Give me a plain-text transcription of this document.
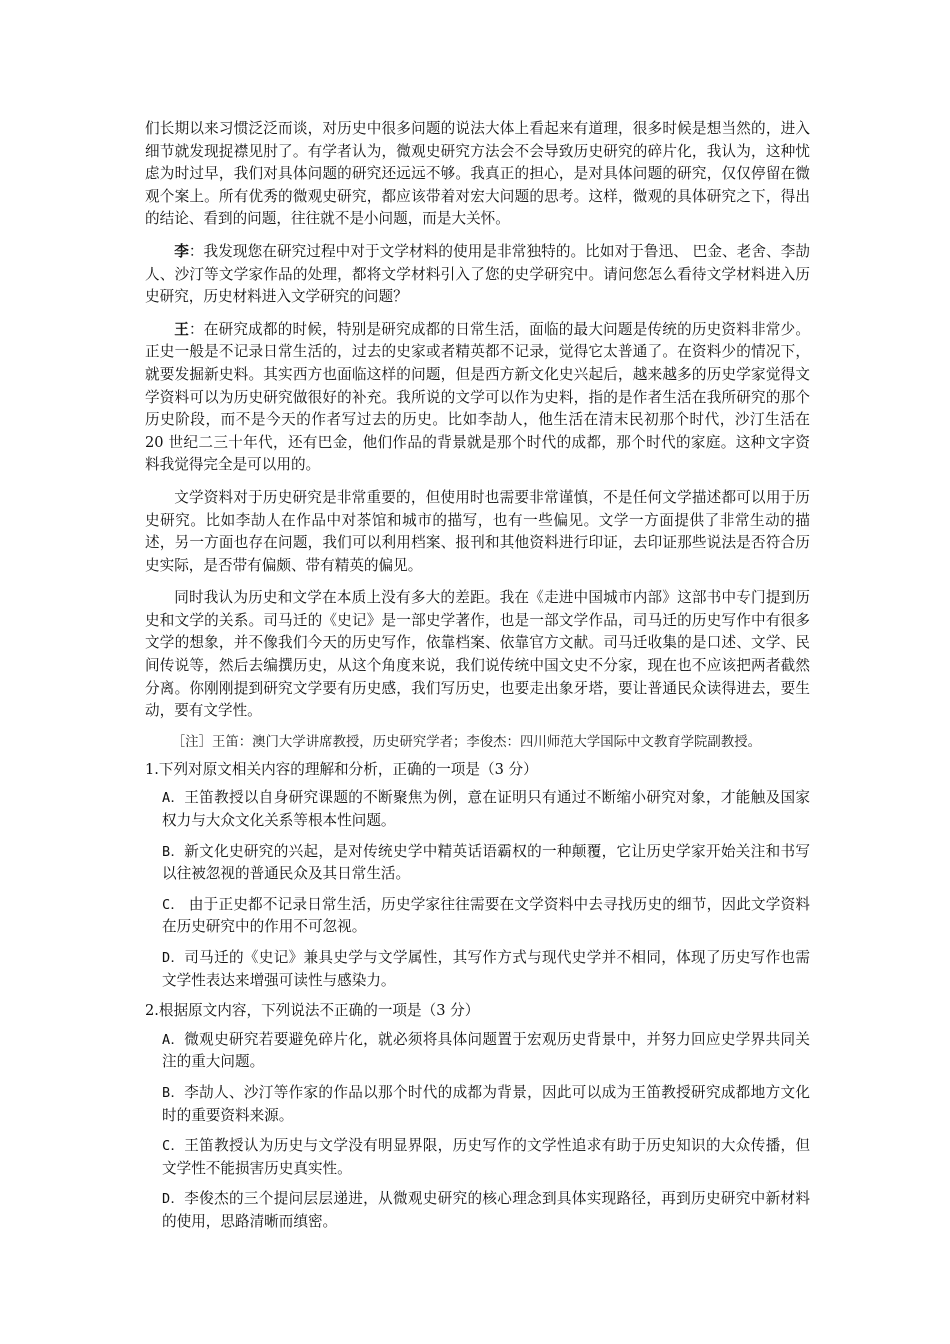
们长期以来习惯泛泛而谈，对历史中很多问题的说法大体上看起来有道理，很多时候是想当然的，进入细节就发现捉襟见肘了。有学者认为，微观史研究方法会不会导致历史研究的碎片化，我认为，这种忧虑为时过早，我们对具体问题的研究还远远不够。我真正的担心，是对具体问题的研究，仅仅停留在微观个案上。所有优秀的微观史研究，都应该带着对宏大问题的思考。这样，微观的具体研究之下，得出的结论、看到的问题，往往就不是小问题，而是大关怀。

李：我发现您在研究过程中对于文学材料的使用是非常独特的。比如对于鲁迅、 巴金、老舍、李劼人、沙汀等文学家作品的处理，都将文学材料引入了您的史学研究中。请问您怎么看待文学材料进入历史研究，历史材料进入文学研究的问题？

王：在研究成都的时候，特别是研究成都的日常生活，面临的最大问题是传统的历史资料非常少。正史一般是不记录日常生活的，过去的史家或者精英都不记录，觉得它太普通了。在资料少的情况下，就要发掘新史料。其实西方也面临这样的问题，但是西方新文化史兴起后，越来越多的历史学家觉得文学资料可以为历史研究做很好的补充。我所说的文学可以作为史料，指的是作者生活在我所研究的那个历史阶段，而不是今天的作者写过去的历史。比如李劼人，他生活在清末民初那个时代，沙汀生活在 20 世纪二三十年代，还有巴金，他们作品的背景就是那个时代的成都，那个时代的家庭。这种文字资料我觉得完全是可以用的。

文学资料对于历史研究是非常重要的，但使用时也需要非常谨慎，不是任何文学描述都可以用于历史研究。比如李劼人在作品中对茶馆和城市的描写，也有一些偏见。文学一方面提供了非常生动的描述，另一方面也存在问题，我们可以利用档案、报刊和其他资料进行印证，去印证那些说法是否符合历史实际，是否带有偏颇、带有精英的偏见。

同时我认为历史和文学在本质上没有多大的差距。我在《走进中国城市内部》这部书中专门提到历史和文学的关系。司马迁的《史记》是一部史学著作，也是一部文学作品，司马迁的历史写作中有很多文学的想象，并不像我们今天的历史写作，依靠档案、依靠官方文献。司马迁收集的是口述、文学、民间传说等，然后去编撰历史，从这个角度来说，我们说传统中国文史不分家，现在也不应该把两者截然分离。你刚刚提到研究文学要有历史感，我们写历史，也要走出象牙塔，要让普通民众读得进去，要生动，要有文学性。

［注］王笛：澳门大学讲席教授，历史研究学者；李俊杰：四川师范大学国际中文教育学院副教授。

1.下列对原文相关内容的理解和分析，正确的一项是（3 分）

A．王笛教授以自身研究课题的不断聚焦为例，意在证明只有通过不断缩小研究对象，才能触及国家权力与大众文化关系等根本性问题。

B．新文化史研究的兴起，是对传统史学中精英话语霸权的一种颠覆，它让历史学家开始关注和书写以往被忽视的普通民众及其日常生活。

C． 由于正史都不记录日常生活，历史学家往往需要在文学资料中去寻找历史的细节，因此文学资料在历史研究中的作用不可忽视。

D．司马迁的《史记》兼具史学与文学属性，其写作方式与现代史学并不相同，体现了历史写作也需文学性表达来增强可读性与感染力。

2.根据原文内容，下列说法不正确的一项是（3 分）

A．微观史研究若要避免碎片化，就必须将具体问题置于宏观历史背景中，并努力回应史学界共同关注的重大问题。

B．李劼人、沙汀等作家的作品以那个时代的成都为背景，因此可以成为王笛教授研究成都地方文化时的重要资料来源。

C．王笛教授认为历史与文学没有明显界限，历史写作的文学性追求有助于历史知识的大众传播，但文学性不能损害历史真实性。

D．李俊杰的三个提问层层递进，从微观史研究的核心理念到具体实现路径，再到历史研究中新材料的使用，思路清晰而缜密。
